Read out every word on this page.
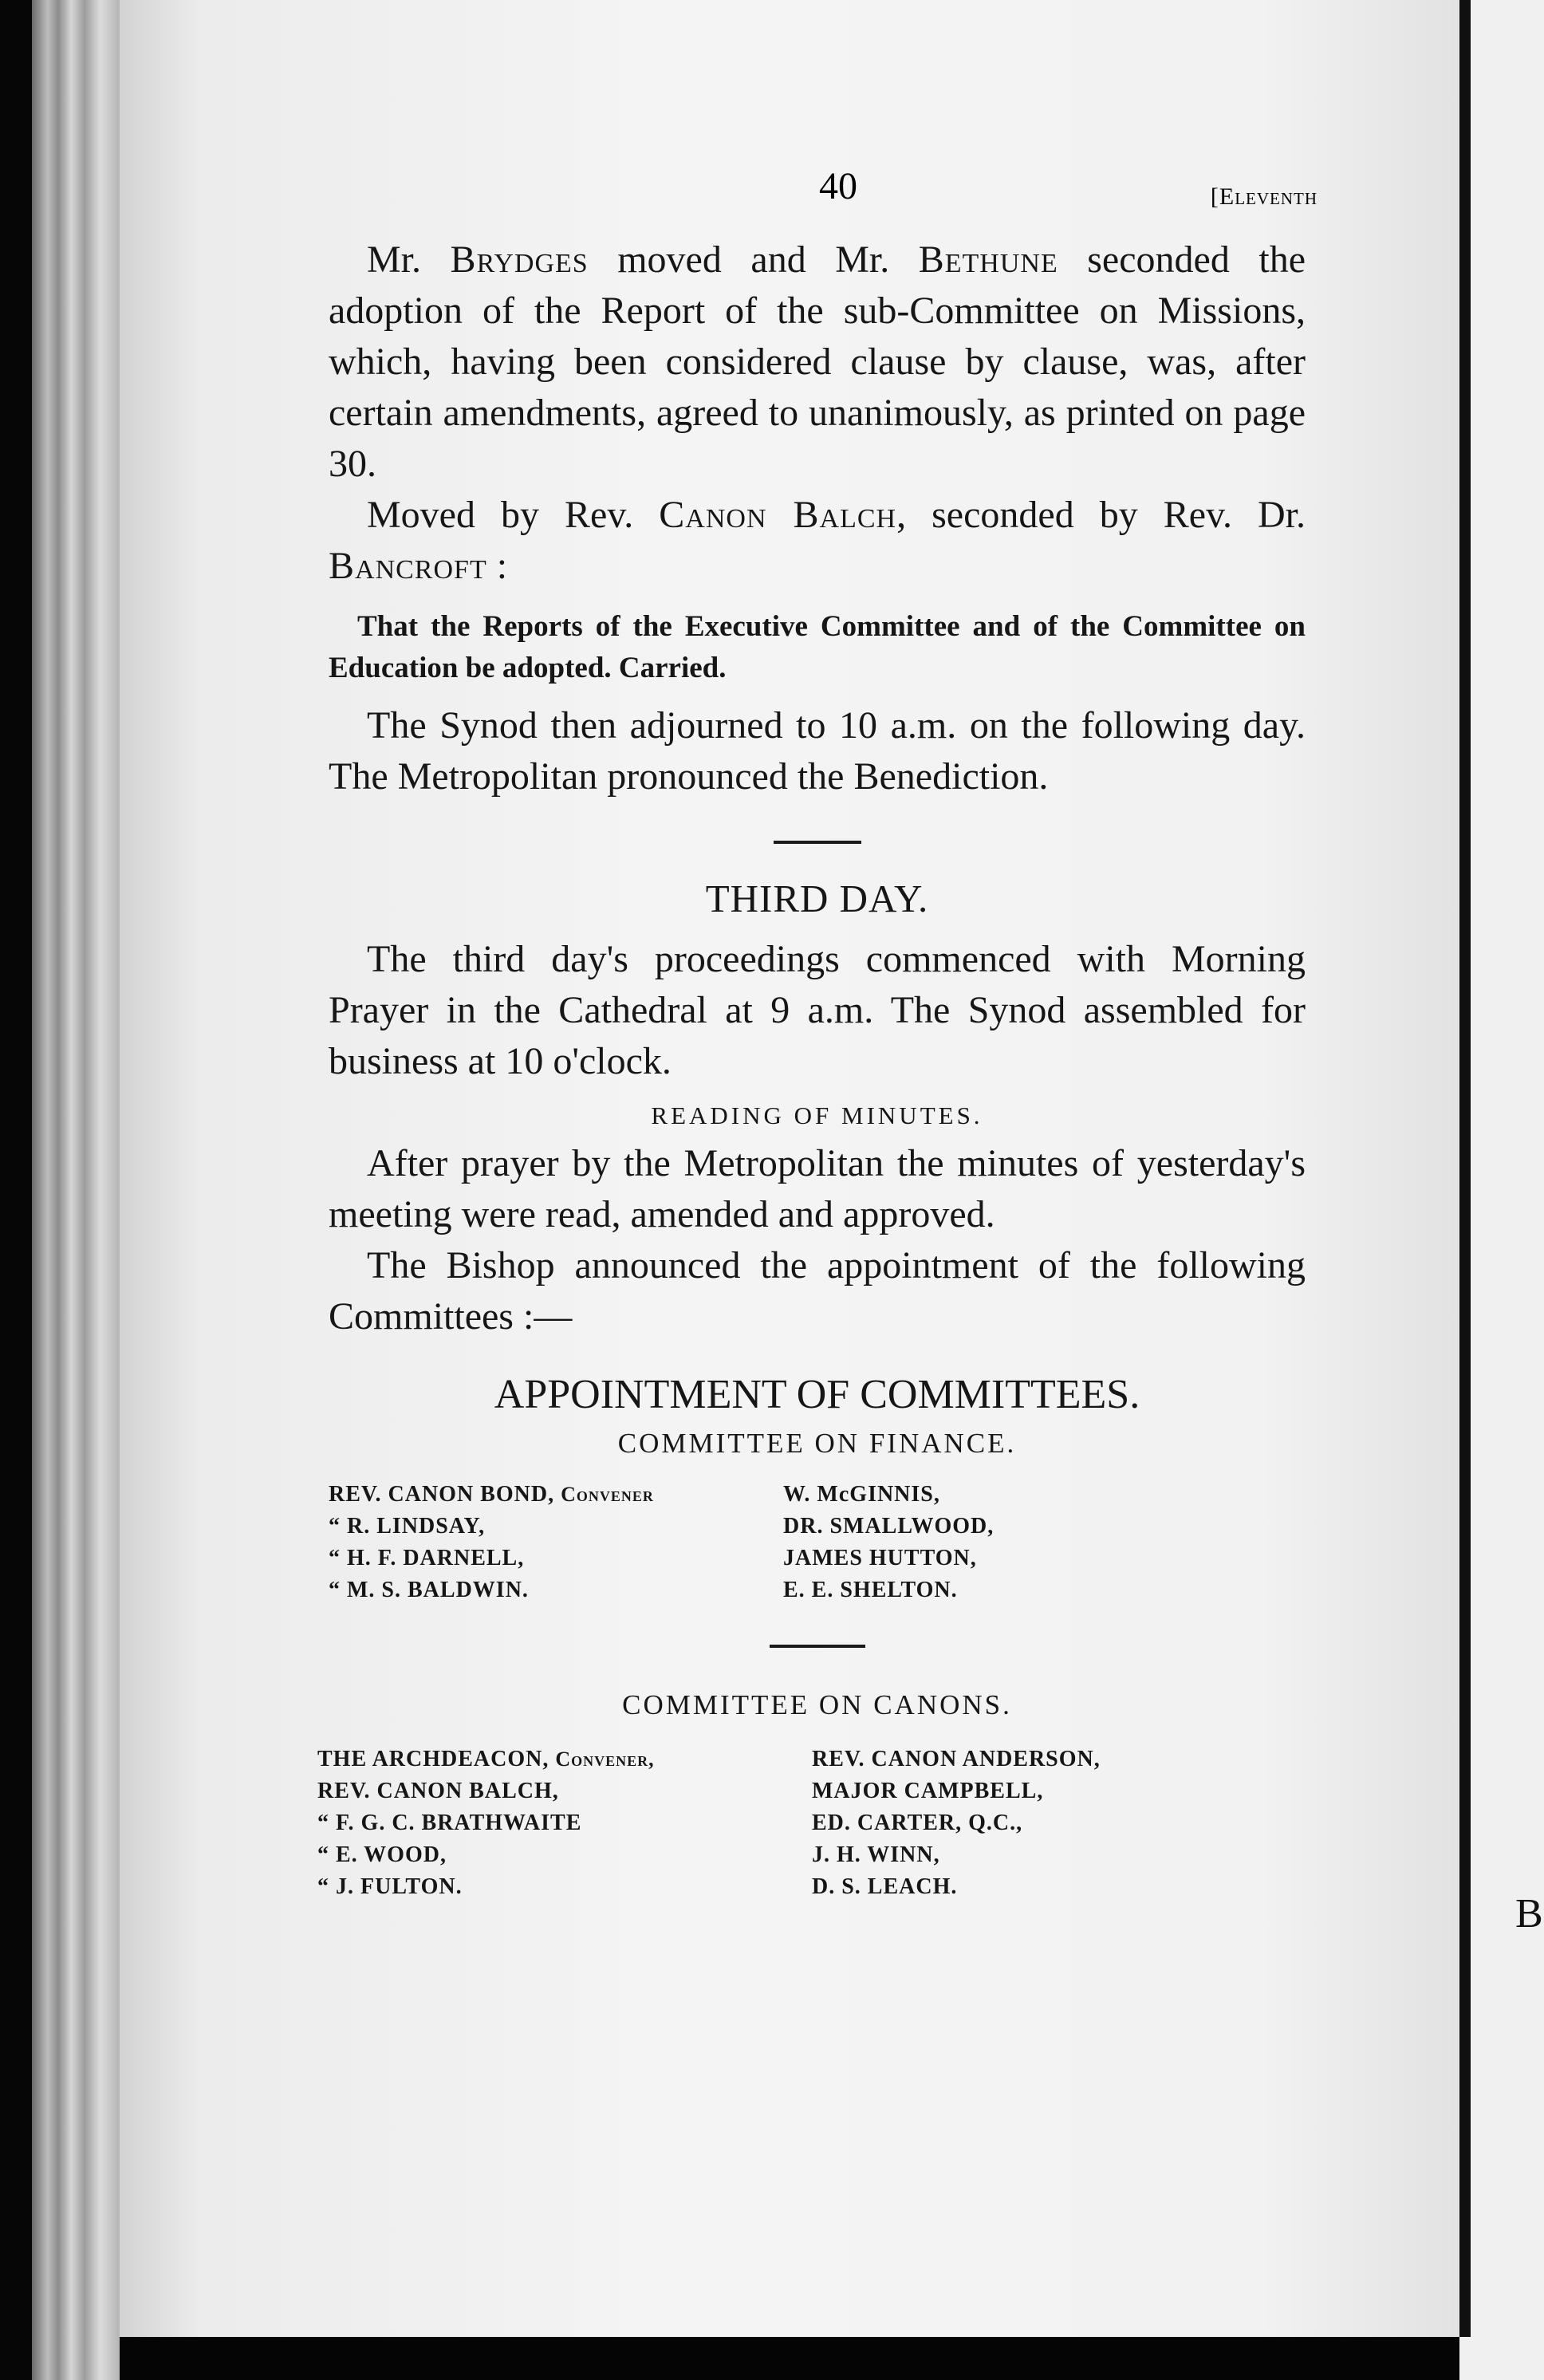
B
40	[Eleventh

Mr. Brydges moved and Mr. Bethune seconded the adoption of the Report of the sub-Committee on Missions, which, having been considered clause by clause, was, after certain amendments, agreed to unanimously, as printed on page 30.

Moved by Rev. Canon Balch, seconded by Rev. Dr. Bancroft :

That the Reports of the Executive Committee and of the Committee on Education be adopted. Carried.

The Synod then adjourned to 10 a.m. on the following day. The Metropolitan pronounced the Benediction.

THIRD DAY.

The third day's proceedings commenced with Morning Prayer in the Cathedral at 9 a.m. The Synod assembled for business at 10 o'clock.

READING OF MINUTES.

After prayer by the Metropolitan the minutes of yesterday's meeting were read, amended and approved.

The Bishop announced the appointment of the following Committees :—

APPOINTMENT OF COMMITTEES.
COMMITTEE ON FINANCE.
REV. CANON BOND, Convener
“ R. LINDSAY,
“ H. F. DARNELL,
“ M. S. BALDWIN.
W. McGINNIS,
DR. SMALLWOOD,
JAMES HUTTON,
E. E. SHELTON.
COMMITTEE ON CANONS.
THE ARCHDEACON, Convener,
REV. CANON BALCH,
“ F. G. C. BRATHWAITE
“ E. WOOD,
“ J. FULTON.
REV. CANON ANDERSON,
MAJOR CAMPBELL,
ED. CARTER, Q.C.,
J. H. WINN,
D. S. LEACH.
